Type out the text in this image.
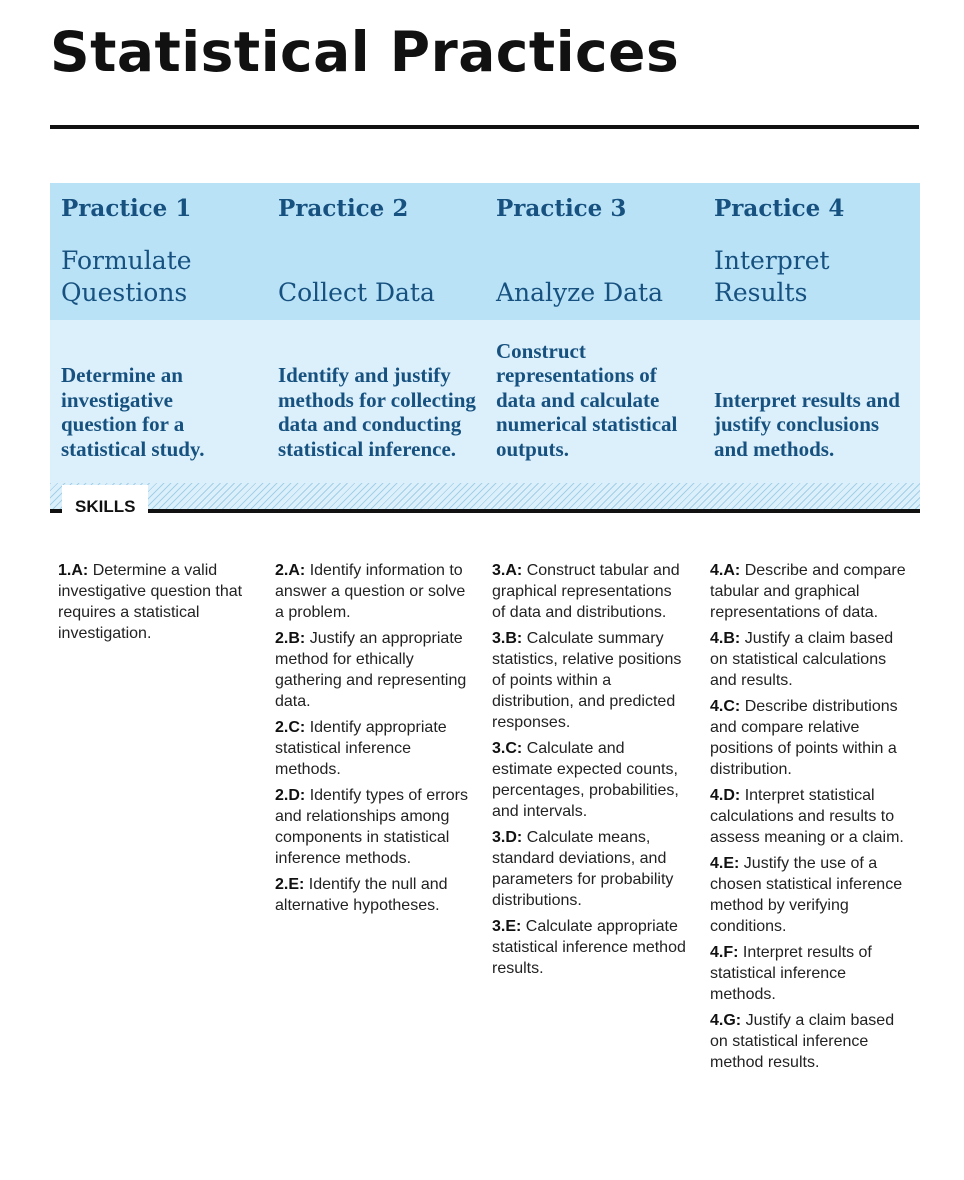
Statistical Practices
SKILLS
Practice 1
Formulate Questions
Determine an investigative question for a statistical study.
Practice 2
Collect Data
Identify and justify methods for collecting data and conducting statistical inference.
Practice 3
Analyze Data
Construct representations of data and calculate numerical statistical outputs.
Practice 4
Interpret Results
Interpret results and justify conclusions and methods.

1.A: Determine a valid investigative question that requires a statistical investigation.

2.A: Identify information to answer a question or solve a problem.

2.B: Justify an appropriate method for ethically gathering and representing data.

2.C: Identify appropriate statistical inference methods.

2.D: Identify types of errors and relationships among components in statistical inference methods.

2.E: Identify the null and alternative hypotheses.

3.A: Construct tabular and graphical representations of data and distributions.

3.B: Calculate summary statistics, relative positions of points within a distribution, and predicted responses.

3.C: Calculate and estimate expected counts, percentages, probabilities, and intervals.

3.D: Calculate means, standard deviations, and parameters for probability distributions.

3.E: Calculate appropriate statistical inference method results.

4.A: Describe and compare tabular and graphical representations of data.

4.B: Justify a claim based on statistical calculations and results.

4.C: Describe distributions and compare relative positions of points within a distribution.

4.D: Interpret statistical calculations and results to assess meaning or a claim.

4.E: Justify the use of a chosen statistical inference method by verifying conditions.

4.F: Interpret results of statistical inference methods.

4.G: Justify a claim based on statistical inference method results.
